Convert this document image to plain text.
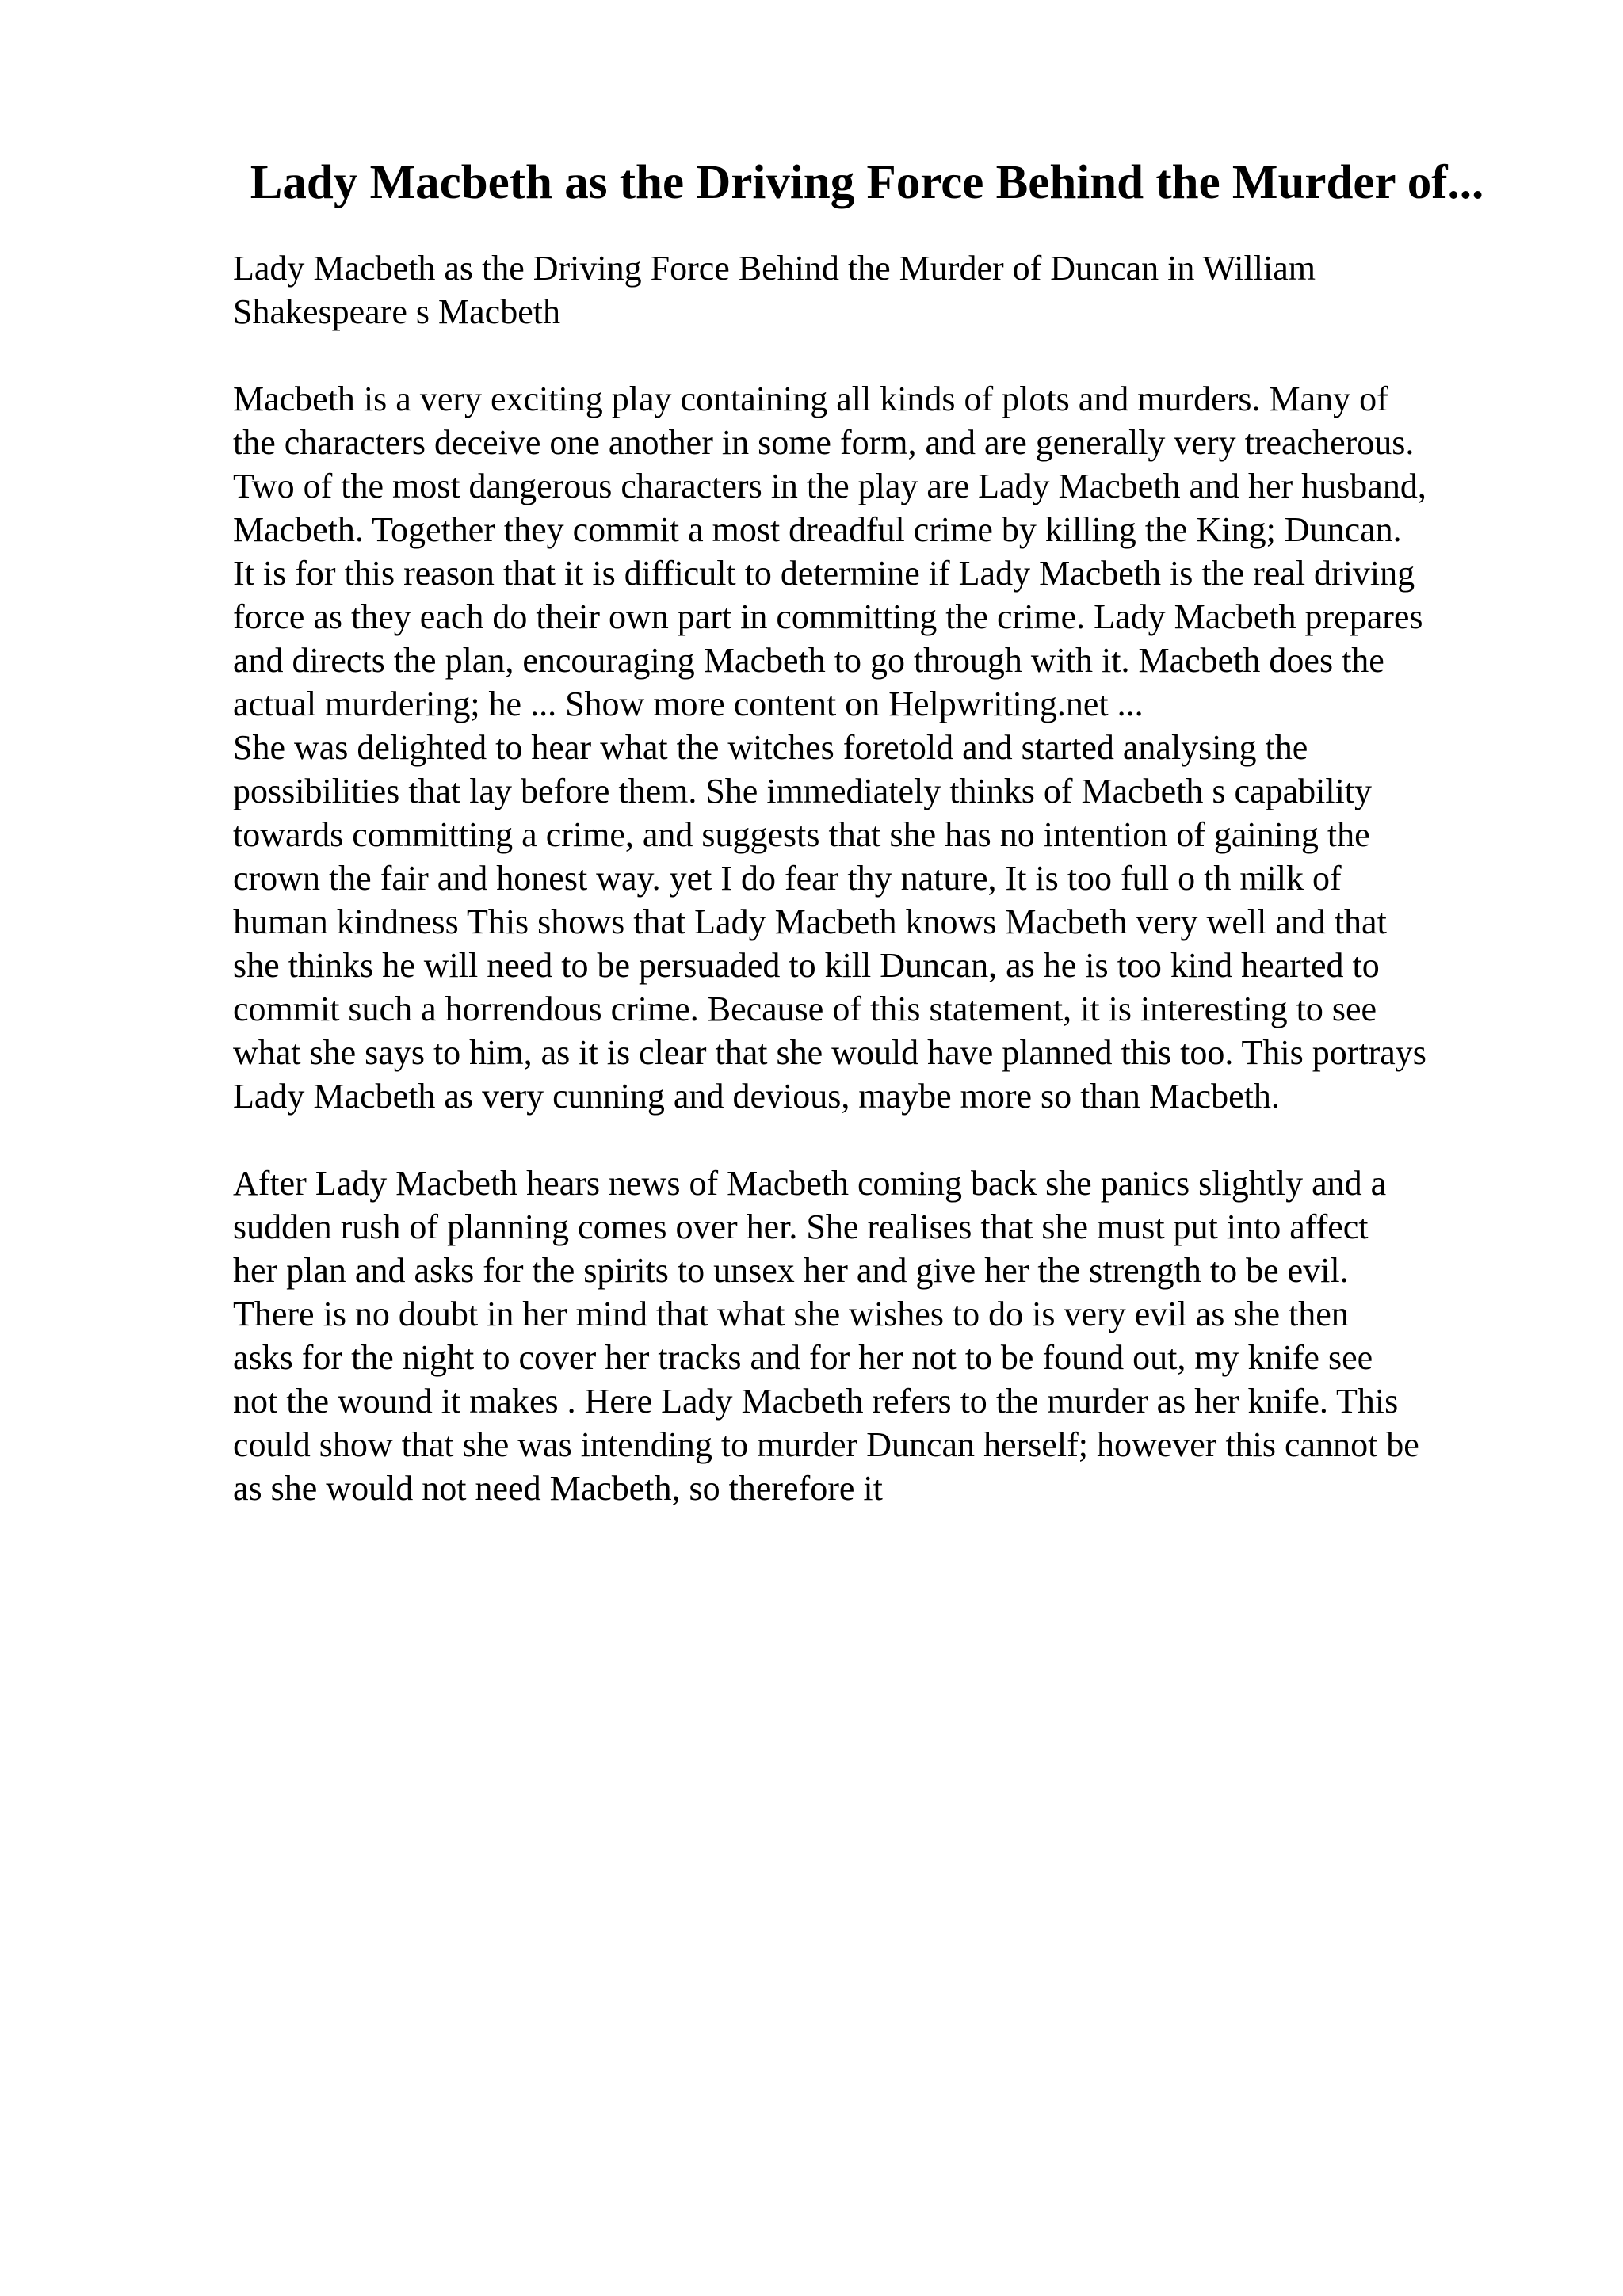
Lady Macbeth as the Driving Force Behind the Murder of...
Lady Macbeth as the Driving Force Behind the Murder of Duncan in William
Shakespeare s Macbeth
Macbeth is a very exciting play containing all kinds of plots and murders. Many of
the characters deceive one another in some form, and are generally very treacherous.
Two of the most dangerous characters in the play are Lady Macbeth and her husband,
Macbeth. Together they commit a most dreadful crime by killing the King; Duncan.
It is for this reason that it is difficult to determine if Lady Macbeth is the real driving
force as they each do their own part in committing the crime. Lady Macbeth prepares
and directs the plan, encouraging Macbeth to go through with it. Macbeth does the
actual murdering; he ... Show more content on Helpwriting.net ...
She was delighted to hear what the witches foretold and started analysing the
possibilities that lay before them. She immediately thinks of Macbeth s capability
towards committing a crime, and suggests that she has no intention of gaining the
crown the fair and honest way. yet I do fear thy nature, It is too full o th milk of
human kindness This shows that Lady Macbeth knows Macbeth very well and that
she thinks he will need to be persuaded to kill Duncan, as he is too kind hearted to
commit such a horrendous crime. Because of this statement, it is interesting to see
what she says to him, as it is clear that she would have planned this too. This portrays
Lady Macbeth as very cunning and devious, maybe more so than Macbeth.
After Lady Macbeth hears news of Macbeth coming back she panics slightly and a
sudden rush of planning comes over her. She realises that she must put into affect
her plan and asks for the spirits to unsex her and give her the strength to be evil.
There is no doubt in her mind that what she wishes to do is very evil as she then
asks for the night to cover her tracks and for her not to be found out, my knife see
not the wound it makes . Here Lady Macbeth refers to the murder as her knife. This
could show that she was intending to murder Duncan herself; however this cannot be
as she would not need Macbeth, so therefore it
